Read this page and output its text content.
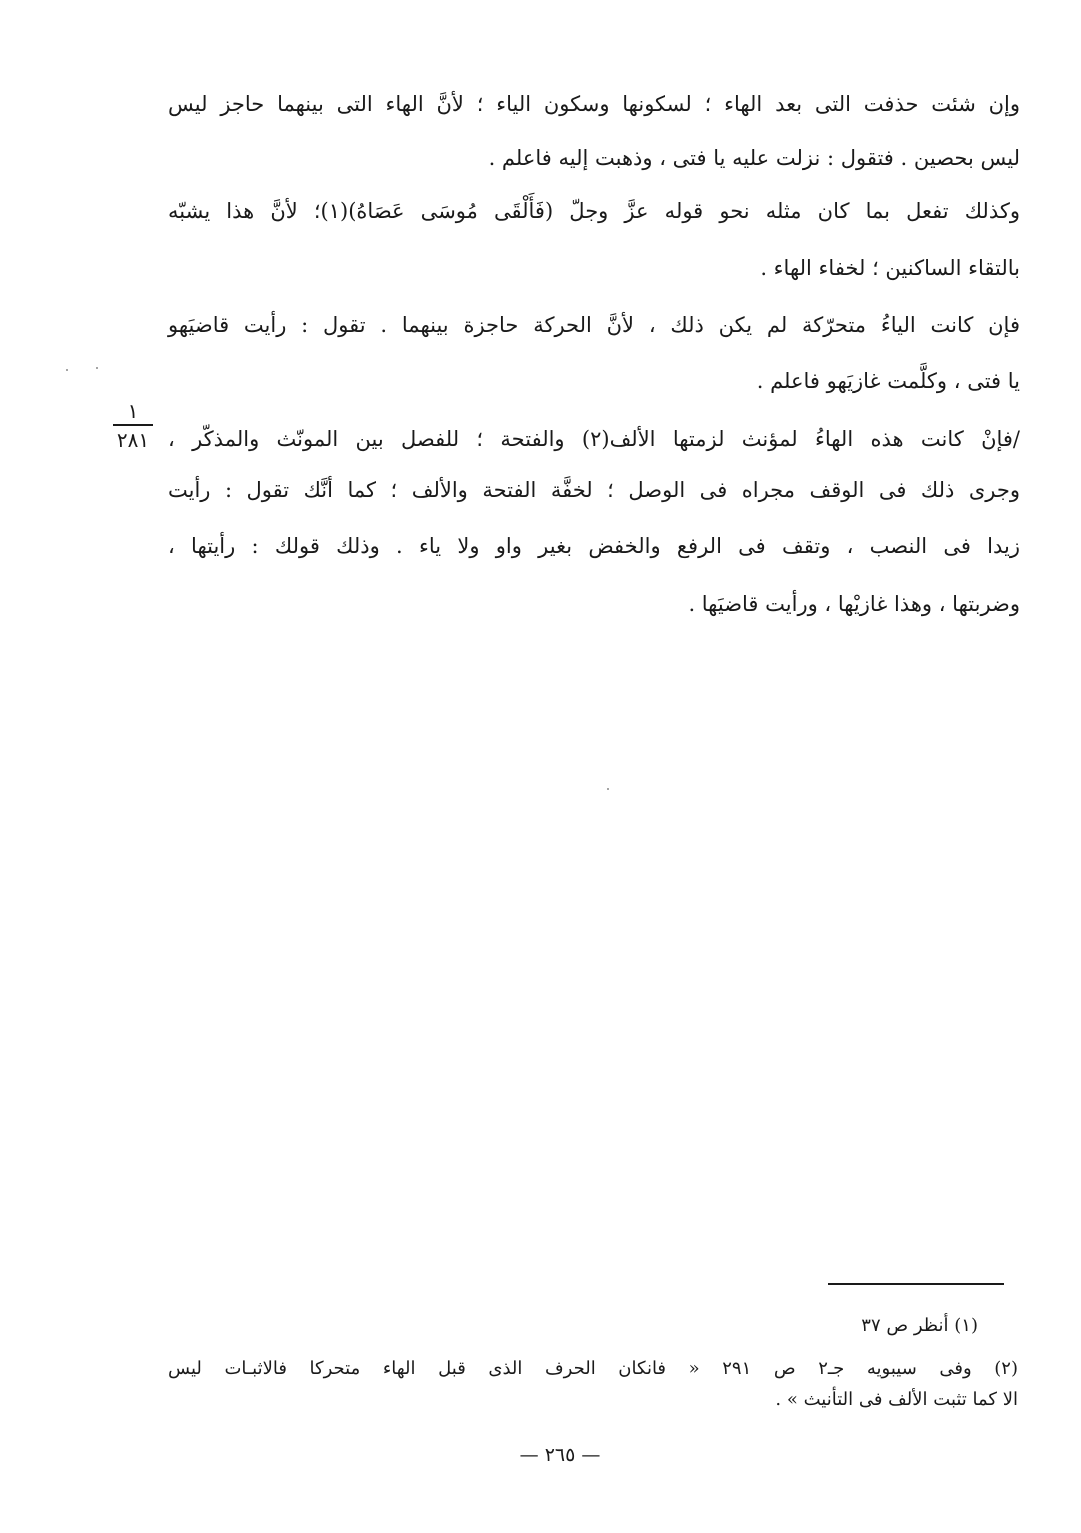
وإن شئت حذفت التى بعد الهاء ؛ لسكونها وسكون الياء ؛ لأنَّ الهاء التى بينهما حاجز ليس
ليس بحصين . فتقول : نزلت عليه يا فتى ، وذهبت إليه فاعلم .
وكذلك تفعل بما كان مثله نحو قوله عزَّ وجلّ (فَأَلْقَى مُوسَى عَصَاهُ)(١)؛ لأنَّ هذا يشبّه
بالتقاء الساكنين ؛ لخفاء الهاء .
فإن كانت الياءُ متحرّكة لم يكن ذلك ، لأنَّ الحركة حاجزة بينهما . تقول : رأيت قاضيَهو
يا فتى ، وكلَّمت غازيَهو فاعلم .
/فإنْ كانت هذه الهاءُ لمؤنث لزمتها الألف(٢) والفتحة ؛ للفصل بين المونّث والمذكّر ،
وجرى ذلك فى الوقف مجراه فى الوصل ؛ لخفَّة الفتحة والألف ؛ كما أنَّك تقول : رأيت
زيدا فى النصب ، وتقف فى الرفع والخفض بغير واو ولا ياء . وذلك قولك : رأيتها ،
وضربتها ، وهذا غازيْها ، ورأيت قاضيَها .
١
٢٨١
(١) أنظر ص ٣٧
(٢) وفى سيبويه جـ٢ ص ٢٩١ « فانكان الحرف الذى قبل الهاء متحركا فالاثبـات ليس
الا كما تثبت الألف فى التأنيث » .
— ٢٦٥ —
